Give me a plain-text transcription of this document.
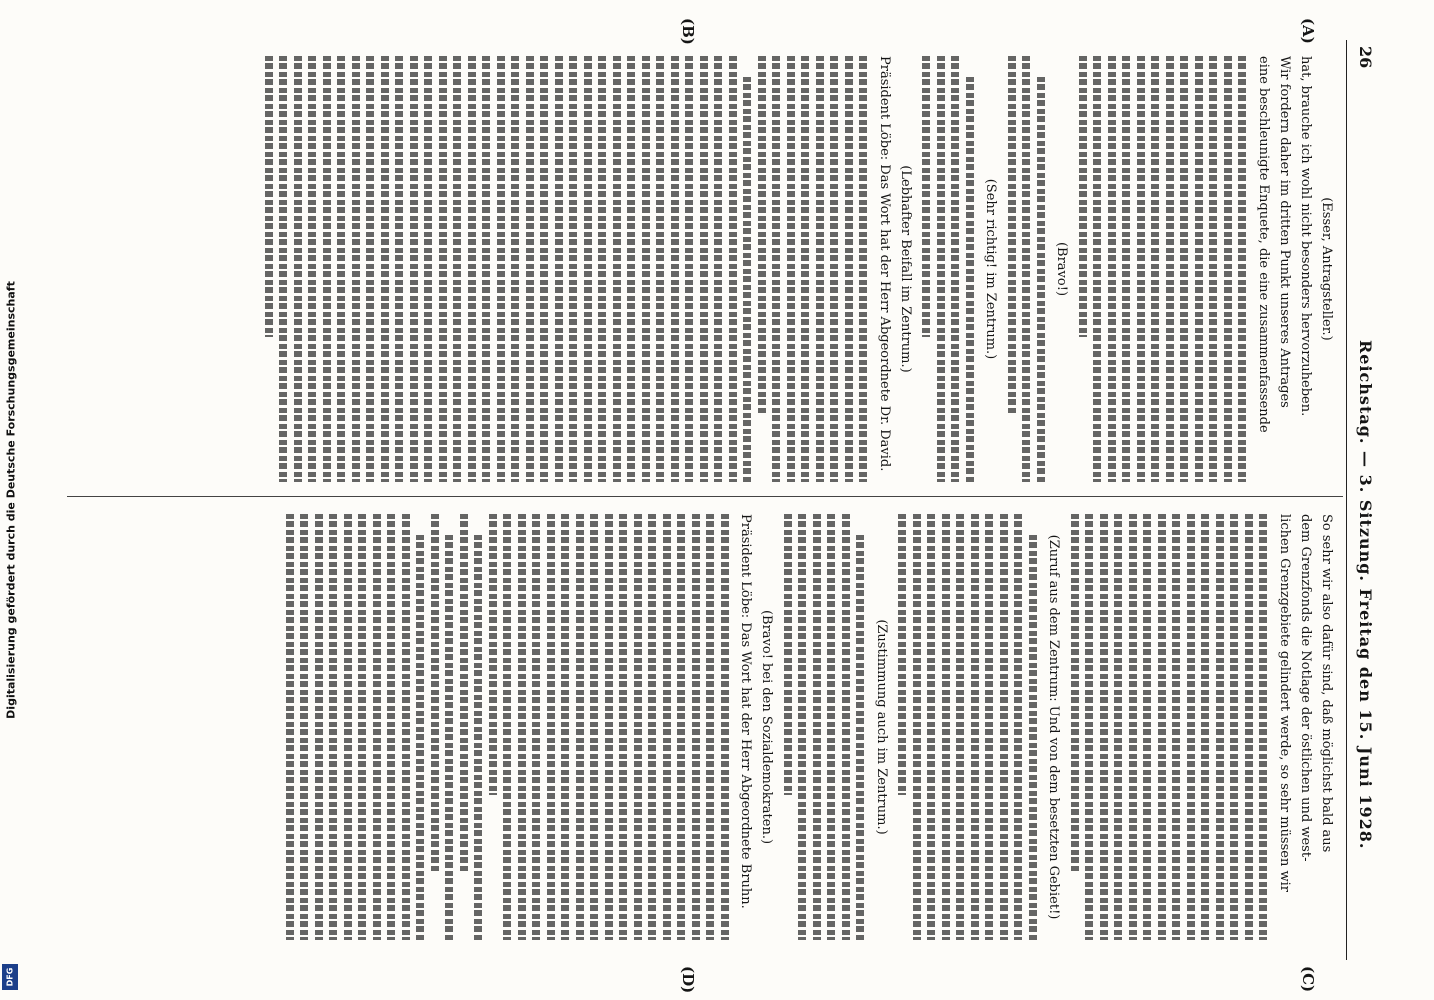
26
Reichstag. — 3. Sitzung. Freitag den 15. Juni 1928.
(A)
(B)
(C)
(D)
(Esser, Antragsteller.)
hat, brauche ich wohl nicht besonders hervorzuheben.
Wir fordern daher im dritten Punkt unseres Antrages
eine beschleunigte Enquete, die eine zusammenfassende
(Bravo!)
(Sehr richtig! im Zentrum.)
(Lebhafter Beifall im Zentrum.)
Präsident Löbe: Das Wort hat der Herr Abgeordnete Dr. David.
So sehr wir also dafür sind, daß möglichst bald aus
dem Grenzfonds die Notlage der östlichen und west-
lichen Grenzgebiete gelindert werde, so sehr müssen wir
(Zuruf aus dem Zentrum: Und von dem besetzten Gebiet!)
(Zustimmung auch im Zentrum.)
(Bravo! bei den Sozialdemokraten.)
Präsident Löbe: Das Wort hat der Herr Abgeordnete Bruhn.
Digitalisierung gefördert durch die Deutsche Forschungsgemeinschaft
DFG
